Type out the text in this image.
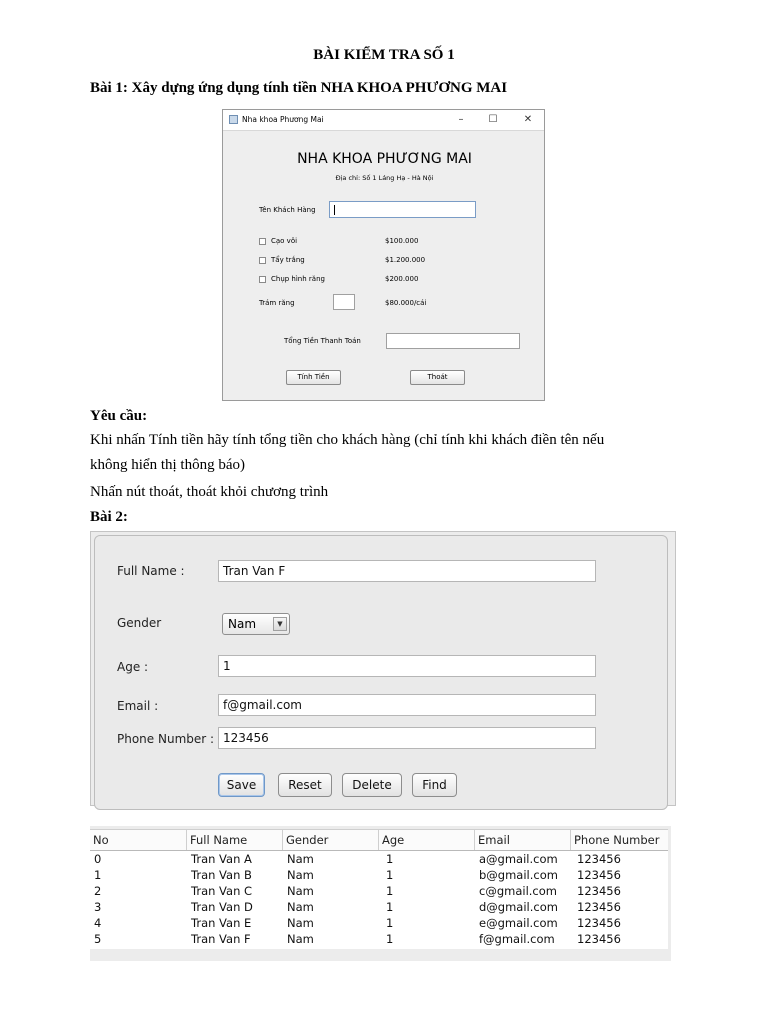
BÀI KIỂM TRA SỐ 1
Bài 1: Xây dựng ứng dụng tính tiền NHA KHOA PHƯƠNG MAI
Nha khoa Phương Mai	–	☐	✕
NHA KHOA PHƯƠNG MAI
Địa chỉ: Số 1 Láng Hạ - Hà Nội
Tên Khách Hàng
Cạo vôi	$100.000
Tẩy trắng	$1.200.000
Chụp hình răng	$200.000
Trám răng	$80.000/cái
Tổng Tiền Thanh Toán
Tính Tiền	Thoát
Yêu cầu:
Khi nhấn Tính tiền hãy tính tổng tiền cho khách hàng (chỉ tính khi khách điền tên nếu
không hiển thị thông báo)
Nhấn nút thoát, thoát khỏi chương trình
Bài 2:
Full Name :	Tran Van F
Gender	Nam	▼
Age :	1
Email :	f@gmail.com
Phone Number : 123456
Save	Reset	Delete	Find
No	Full Name	Gender	Age	Email	Phone Number
0	Tran Van A	Nam	1	a@gmail.com	123456
1	Tran Van B	Nam	1	b@gmail.com	123456
2	Tran Van C	Nam	1	c@gmail.com	123456
3	Tran Van D	Nam	1	d@gmail.com	123456
4	Tran Van E	Nam	1	e@gmail.com	123456
5	Tran Van F	Nam	1	f@gmail.com	123456
